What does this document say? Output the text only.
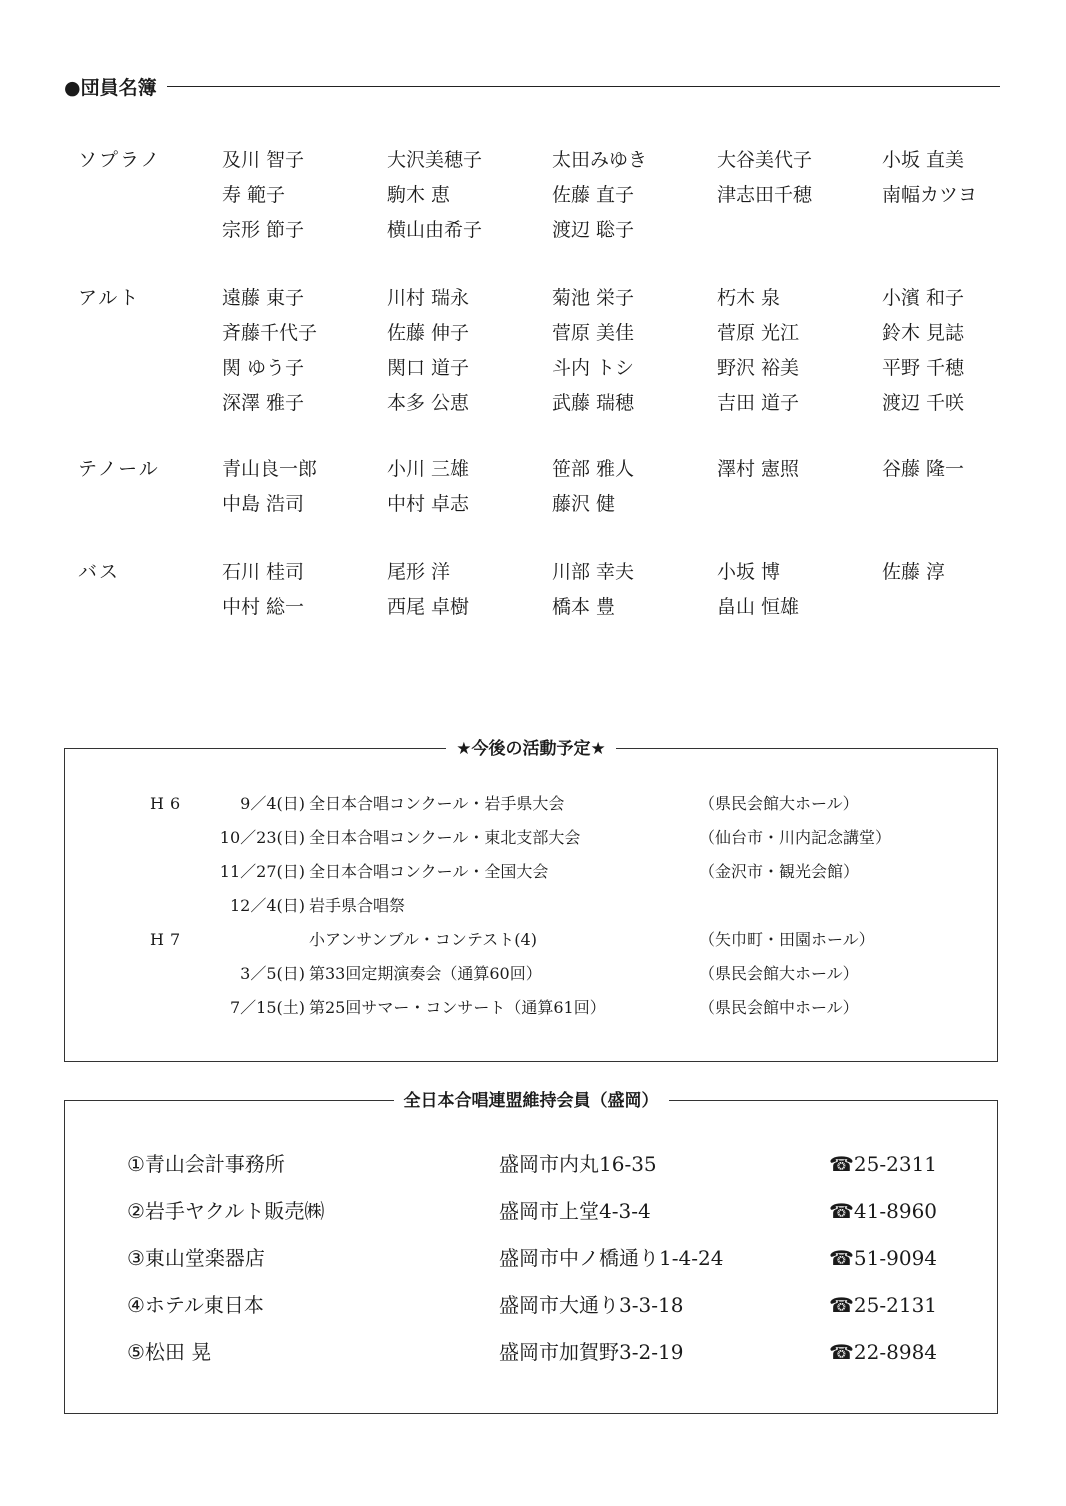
●団員名簿
ソプラノ	及川 智子	大沢美穂子	太田みゆき	大谷美代子	小坂 直美
寿 範子	駒木 恵	佐藤 直子	津志田千穂	南幅カツヨ
宗形 節子	横山由希子	渡辺 聡子
アルト	遠藤 東子	川村 瑞永	菊池 栄子	朽木 泉	小濱 和子
斉藤千代子	佐藤 伸子	菅原 美佳	菅原 光江	鈴木 見誌
関 ゆう子	関口 道子	斗内 トシ	野沢 裕美	平野 千穂
深澤 雅子	本多 公恵	武藤 瑞穂	吉田 道子	渡辺 千咲
テノール	青山良一郎	小川 三雄	笹部 雅人	澤村 憲照	谷藤 隆一
中島 浩司	中村 卓志	藤沢 健
バス	石川 桂司	尾形 洋	川部 幸夫	小坂 博	佐藤 淳
中村 総一	西尾 卓樹	橋本 豊	畠山 恒雄
★今後の活動予定★
H6	9／4(日) 全日本合唱コンクール・岩手県大会	（県民会館大ホール）
10／23(日) 全日本合唱コンクール・東北支部大会	（仙台市・川内記念講堂）
11／27(日) 全日本合唱コンクール・全国大会	（金沢市・観光会館）
12／4(日) 岩手県合唱祭
H7	小アンサンブル・コンテスト(4)	（矢巾町・田園ホール）
3／5(日) 第33回定期演奏会（通算60回）	（県民会館大ホール）
7／15(土) 第25回サマー・コンサート（通算61回）	（県民会館中ホール）
全日本合唱連盟維持会員（盛岡）
①青山会計事務所	盛岡市内丸16-35	☎25-2311
②岩手ヤクルト販売㈱	盛岡市上堂4-3-4	☎41-8960
③東山堂楽器店	盛岡市中ノ橋通り1-4-24	☎51-9094
④ホテル東日本	盛岡市大通り3-3-18	☎25-2131
⑤松田 晃	盛岡市加賀野3-2-19	☎22-8984
